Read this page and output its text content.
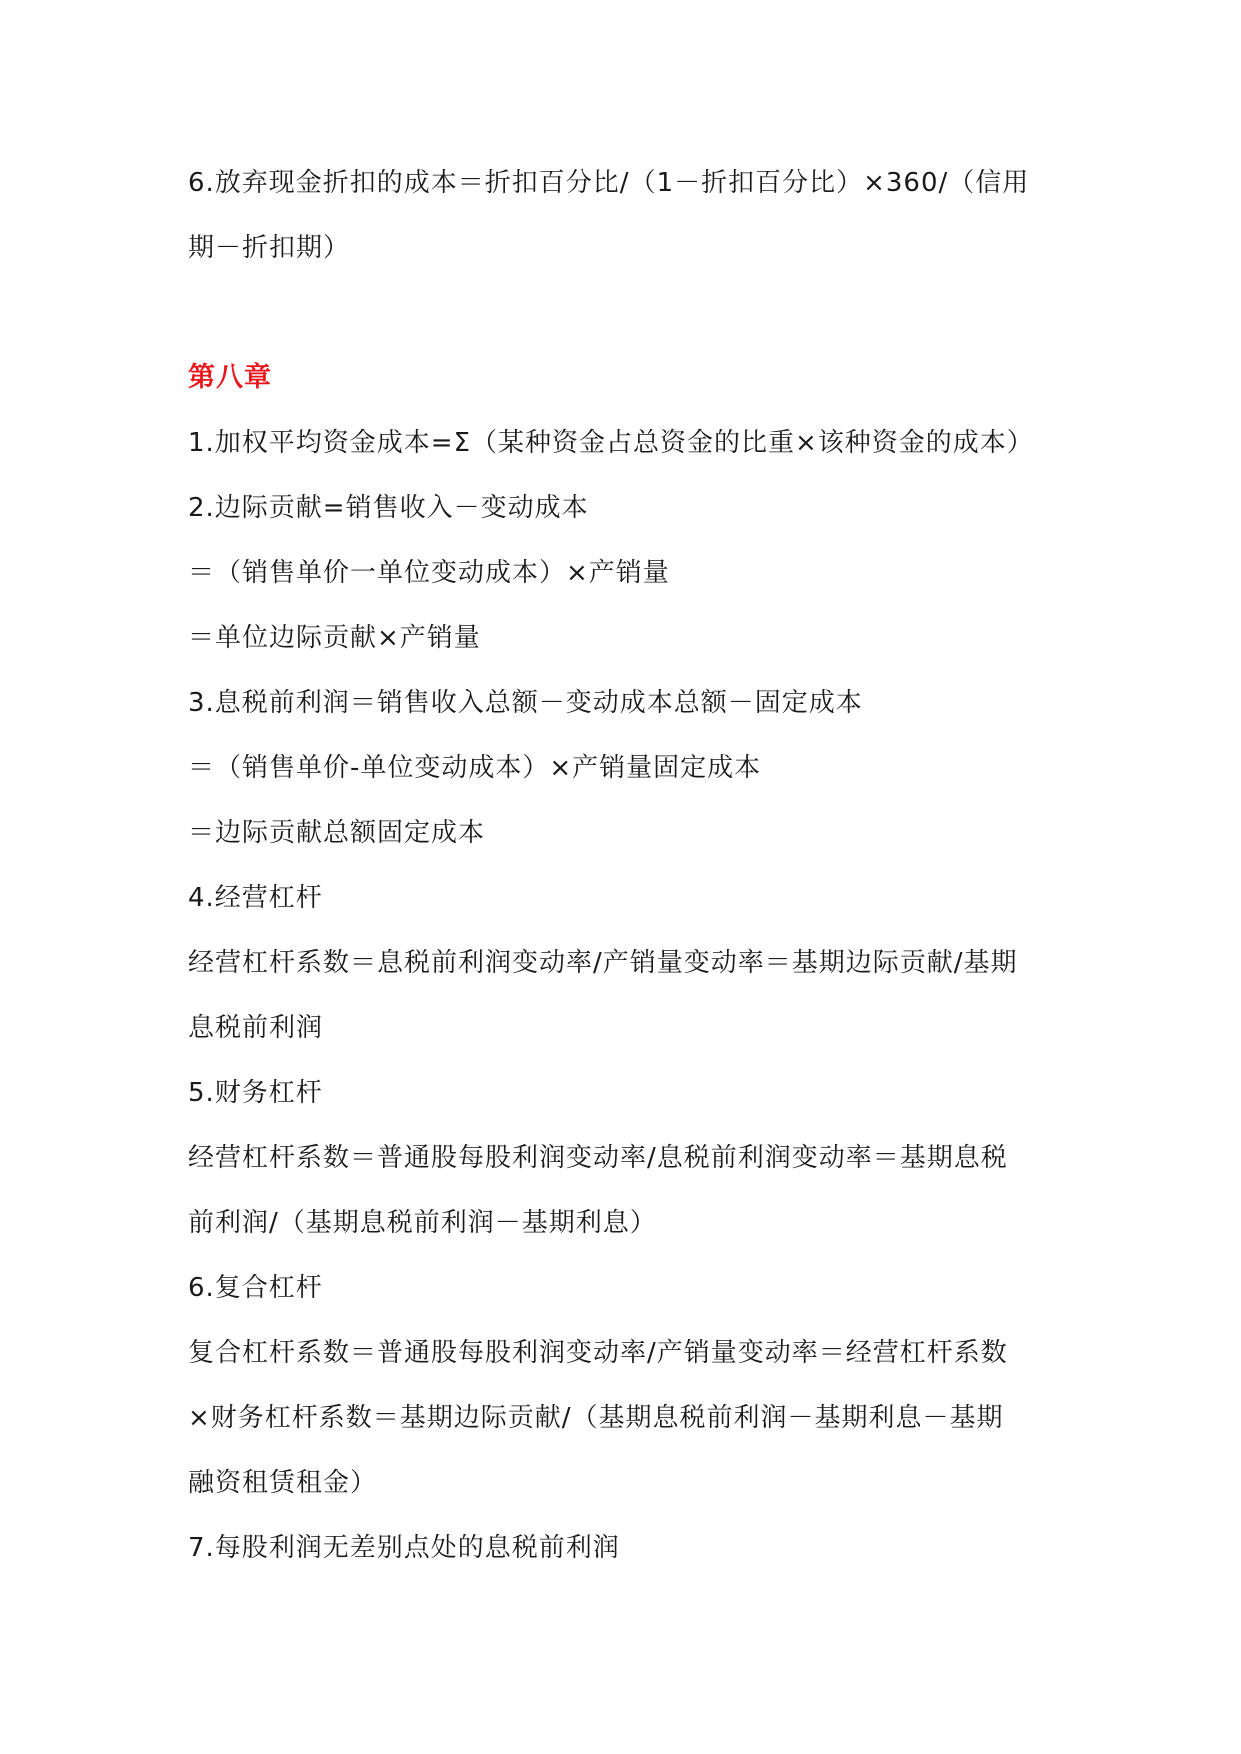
6.放弃现金折扣的成本＝折扣百分比/（1－折扣百分比）×360/（信用
期－折扣期）
第八章
1.加权平均资金成本=Σ（某种资金占总资金的比重×该种资金的成本）
2.边际贡献=销售收入－变动成本
＝（销售单价一单位变动成本）×产销量
＝单位边际贡献×产销量
3.息税前利润＝销售收入总额－变动成本总额－固定成本
＝（销售单价-单位变动成本）×产销量固定成本
＝边际贡献总额固定成本
4.经营杠杆
经营杠杆系数＝息税前利润变动率/产销量变动率＝基期边际贡献/基期
息税前利润
5.财务杠杆
经营杠杆系数＝普通股每股利润变动率/息税前利润变动率＝基期息税
前利润/（基期息税前利润－基期利息）
6.复合杠杆
复合杠杆系数＝普通股每股利润变动率/产销量变动率＝经营杠杆系数
×财务杠杆系数＝基期边际贡献/（基期息税前利润－基期利息－基期
融资租赁租金）
7.每股利润无差别点处的息税前利润
